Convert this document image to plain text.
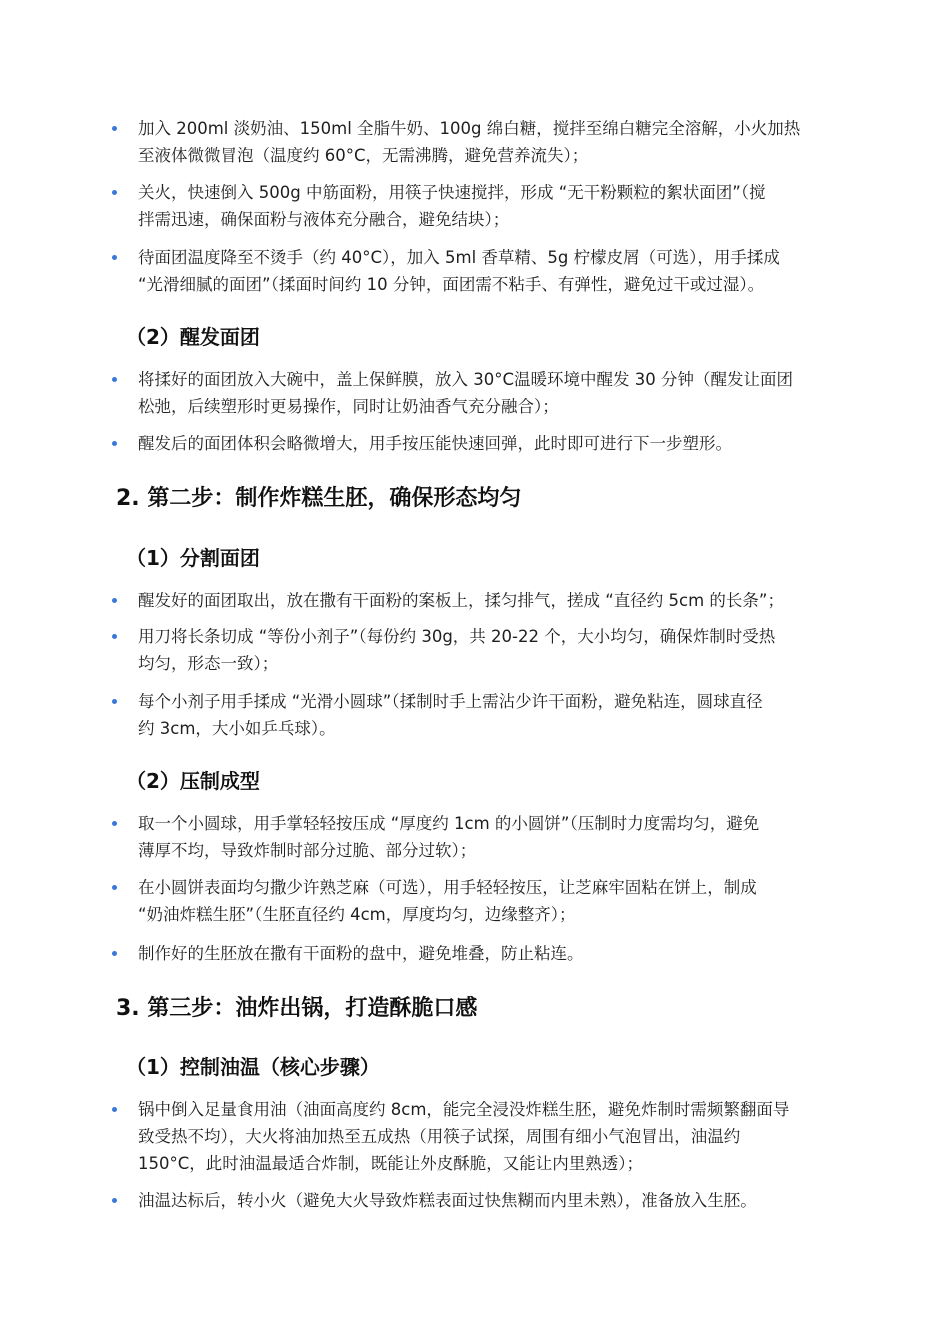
加入 200ml 淡奶油、150ml 全脂牛奶、100g 绵白糖，搅拌至绵白糖完全溶解，小火加热
至液体微微冒泡（温度约 60°C，无需沸腾，避免营养流失）；
关火，快速倒入 500g 中筋面粉，用筷子快速搅拌，形成 “无干粉颗粒的絮状面团”（搅
拌需迅速，确保面粉与液体充分融合，避免结块）；
待面团温度降至不烫手（约 40°C），加入 5ml 香草精、5g 柠檬皮屑（可选），用手揉成
“光滑细腻的面团”（揉面时间约 10 分钟，面团需不粘手、有弹性，避免过干或过湿）。
（2）醒发面团
将揉好的面团放入大碗中，盖上保鲜膜，放入 30°C温暖环境中醒发 30 分钟（醒发让面团
松弛，后续塑形时更易操作，同时让奶油香气充分融合）；
醒发后的面团体积会略微增大，用手按压能快速回弹，此时即可进行下一步塑形。
2. 第二步：制作炸糕生胚，确保形态均匀
（1）分割面团
醒发好的面团取出，放在撒有干面粉的案板上，揉匀排气，搓成 “直径约 5cm 的长条”；
用刀将长条切成 “等份小剂子”（每份约 30g，共 20-22 个，大小均匀，确保炸制时受热
均匀，形态一致）；
每个小剂子用手揉成 “光滑小圆球”（揉制时手上需沾少许干面粉，避免粘连，圆球直径
约 3cm，大小如乒乓球）。
（2）压制成型
取一个小圆球，用手掌轻轻按压成 “厚度约 1cm 的小圆饼”（压制时力度需均匀，避免
薄厚不均，导致炸制时部分过脆、部分过软）；
在小圆饼表面均匀撒少许熟芝麻（可选），用手轻轻按压，让芝麻牢固粘在饼上，制成
“奶油炸糕生胚”（生胚直径约 4cm，厚度均匀，边缘整齐）；
制作好的生胚放在撒有干面粉的盘中，避免堆叠，防止粘连。
3. 第三步：油炸出锅，打造酥脆口感
（1）控制油温（核心步骤）
锅中倒入足量食用油（油面高度约 8cm，能完全浸没炸糕生胚，避免炸制时需频繁翻面导
致受热不均），大火将油加热至五成热（用筷子试探，周围有细小气泡冒出，油温约
150°C，此时油温最适合炸制，既能让外皮酥脆，又能让内里熟透）；
油温达标后，转小火（避免大火导致炸糕表面过快焦糊而内里未熟），准备放入生胚。
